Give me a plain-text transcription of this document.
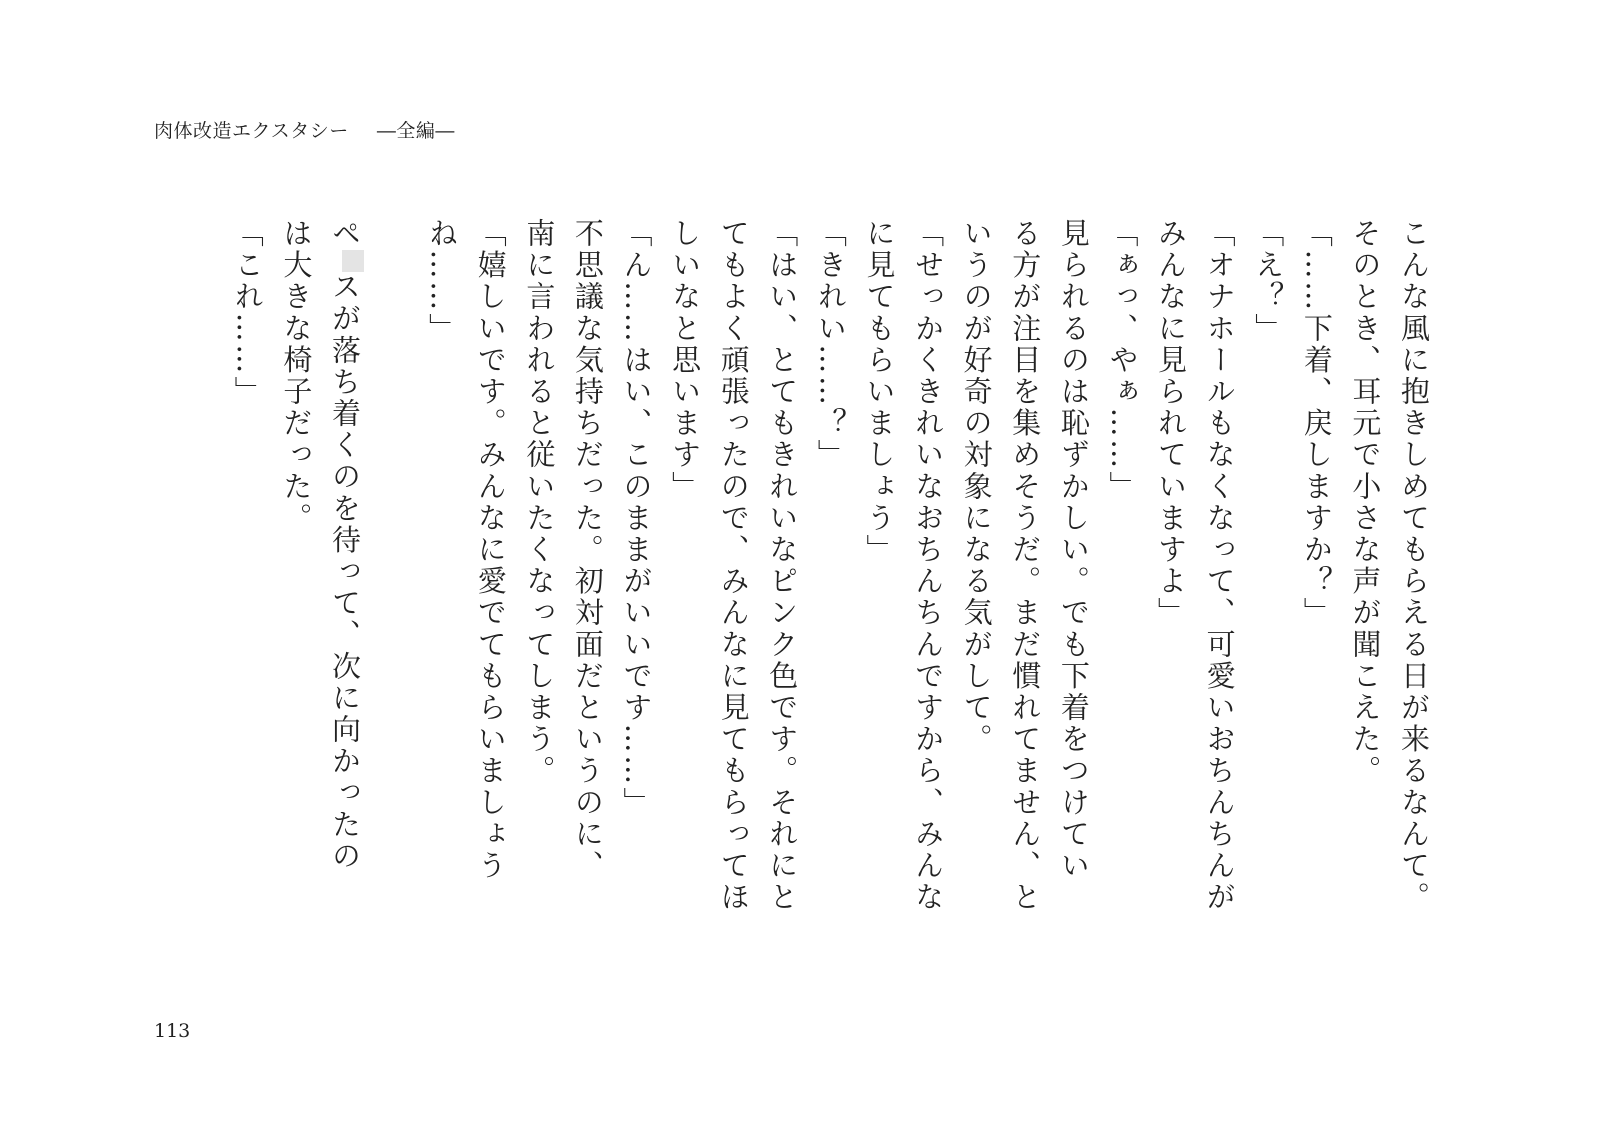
肉体改造エクスタシー ―全編―
こんな風に抱きしめてもらえる日が来るなんて。
そのとき、耳元で小さな声が聞こえた。
「……下着、戻しますか？」
「え？」
「オナホールもなくなって、可愛いおちんちんが
みんなに見られていますよ」
「ぁっ、やぁ……」
見られるのは恥ずかしい。でも下着をつけてい
る方が注目を集めそうだ。まだ慣れてません、と
いうのが好奇の対象になる気がして。
「せっかくきれいなおちんちんですから、みんな
に見てもらいましょう」
「きれい……？」
「はい、とてもきれいなピンク色です。それにと
てもよく頑張ったので、みんなに見てもらってほ
しいなと思います」
「ん……はい、このままがいいです……」
不思議な気持ちだった。初対面だというのに、
南に言われると従いたくなってしまう。
「嬉しいです。みんなに愛でてもらいましょう
ね……」

ペスが落ち着くのを待って、次に向かったの
は大きな椅子だった。
「これ……」
113
